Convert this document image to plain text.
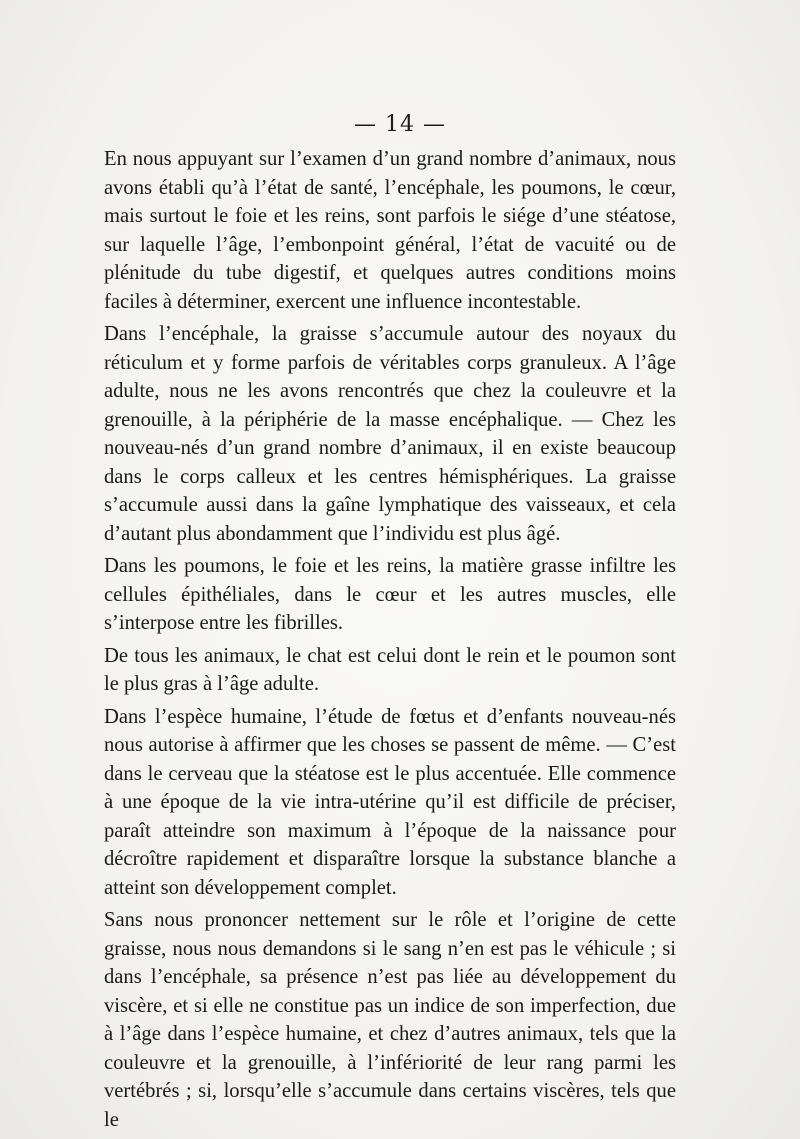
— 14 —

En nous appuyant sur l’examen d’un grand nombre d’animaux, nous avons établi qu’à l’état de santé, l’encéphale, les poumons, le cœur, mais surtout le foie et les reins, sont parfois le siége d’une stéatose, sur laquelle l’âge, l’embonpoint général, l’état de vacuité ou de plénitude du tube digestif, et quelques autres conditions moins faciles à déterminer, exercent une influence incontestable.

Dans l’encéphale, la graisse s’accumule autour des noyaux du réticulum et y forme parfois de véritables corps granuleux. A l’âge adulte, nous ne les avons rencontrés que chez la couleuvre et la grenouille, à la périphérie de la masse encéphalique. — Chez les nouveau-nés d’un grand nombre d’animaux, il en existe beaucoup dans le corps calleux et les centres hémisphériques. La graisse s’accumule aussi dans la gaîne lymphatique des vaisseaux, et cela d’autant plus abondamment que l’individu est plus âgé.

Dans les poumons, le foie et les reins, la matière grasse infiltre les cellules épithéliales, dans le cœur et les autres muscles, elle s’interpose entre les fibrilles.

De tous les animaux, le chat est celui dont le rein et le poumon sont le plus gras à l’âge adulte.

Dans l’espèce humaine, l’étude de fœtus et d’enfants nouveau-nés nous autorise à affirmer que les choses se passent de même. — C’est dans le cerveau que la stéatose est le plus accentuée. Elle commence à une époque de la vie intra-utérine qu’il est difficile de préciser, paraît atteindre son maximum à l’époque de la naissance pour décroître rapidement et disparaître lorsque la substance blanche a atteint son développement complet.

Sans nous prononcer nettement sur le rôle et l’origine de cette graisse, nous nous demandons si le sang n’en est pas le véhicule ; si dans l’encéphale, sa présence n’est pas liée au développement du viscère, et si elle ne constitue pas un indice de son imperfection, due à l’âge dans l’espèce humaine, et chez d’autres animaux, tels que la couleuvre et la grenouille, à l’infériorité de leur rang parmi les vertébrés ; si, lorsqu’elle s’accumule dans certains viscères, tels que le
